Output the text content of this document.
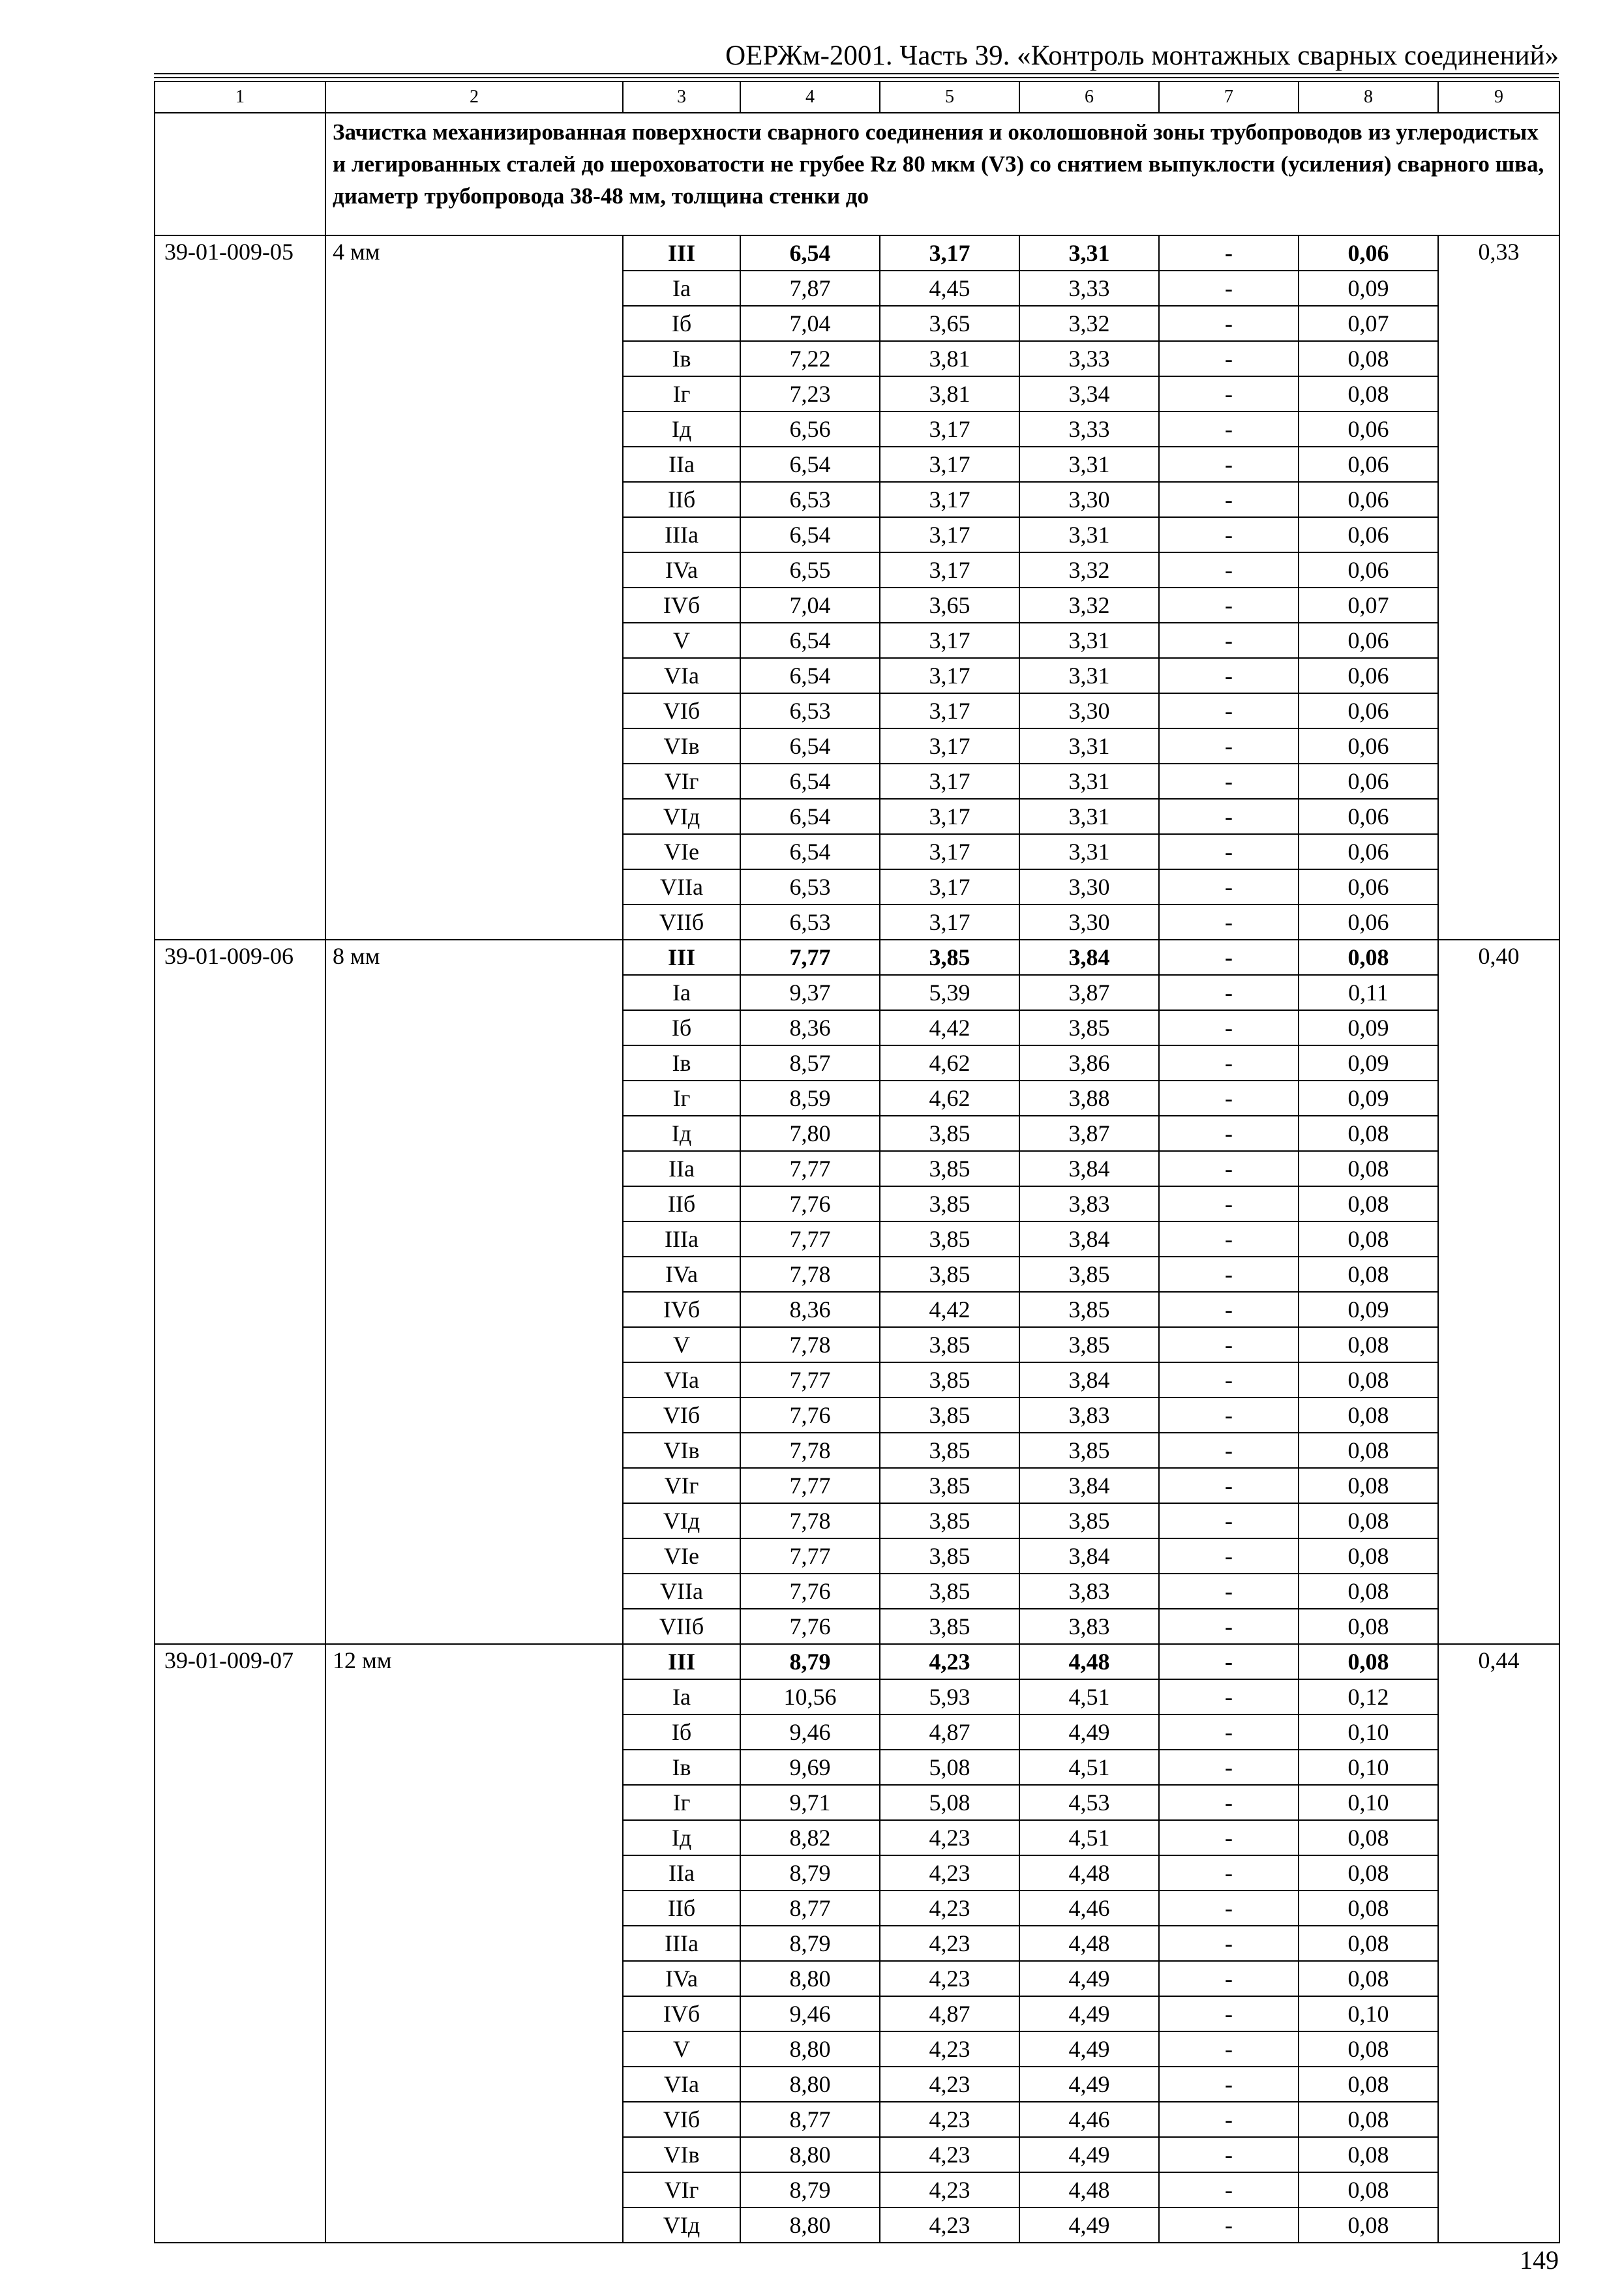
ОЕРЖм-2001. Часть 39. «Контроль монтажных сварных соединений»
1	2	3	4	5	6	7	8	9
	Зачистка механизированная поверхности сварного соединения и околошовной зоны трубопроводов из углеродистых и легированных сталей до шероховатости не грубее Rz 80 мкм (V3) со снятием выпуклости (усиления) сварного шва, диаметр трубопровода 38-48 мм, толщина стенки до							
39-01-009-05	4 мм	III	6,54	3,17	3,31	-	0,06	0,33
		Ia	7,87	4,45	3,33	-	0,09	
		Iб	7,04	3,65	3,32	-	0,07	
		Iв	7,22	3,81	3,33	-	0,08	
		Iг	7,23	3,81	3,34	-	0,08	
		Iд	6,56	3,17	3,33	-	0,06	
		IIa	6,54	3,17	3,31	-	0,06	
		IIб	6,53	3,17	3,30	-	0,06	
		IIIa	6,54	3,17	3,31	-	0,06	
		IVa	6,55	3,17	3,32	-	0,06	
		IVб	7,04	3,65	3,32	-	0,07	
		V	6,54	3,17	3,31	-	0,06	
		VIa	6,54	3,17	3,31	-	0,06	
		VIб	6,53	3,17	3,30	-	0,06	
		VIв	6,54	3,17	3,31	-	0,06	
		VIг	6,54	3,17	3,31	-	0,06	
		VIд	6,54	3,17	3,31	-	0,06	
		VIe	6,54	3,17	3,31	-	0,06	
		VIIa	6,53	3,17	3,30	-	0,06	
		VIIб	6,53	3,17	3,30	-	0,06	
39-01-009-06	8 мм	III	7,77	3,85	3,84	-	0,08	0,40
		Ia	9,37	5,39	3,87	-	0,11	
		Iб	8,36	4,42	3,85	-	0,09	
		Iв	8,57	4,62	3,86	-	0,09	
		Iг	8,59	4,62	3,88	-	0,09	
		Iд	7,80	3,85	3,87	-	0,08	
		IIa	7,77	3,85	3,84	-	0,08	
		IIб	7,76	3,85	3,83	-	0,08	
		IIIa	7,77	3,85	3,84	-	0,08	
		IVa	7,78	3,85	3,85	-	0,08	
		IVб	8,36	4,42	3,85	-	0,09	
		V	7,78	3,85	3,85	-	0,08	
		VIa	7,77	3,85	3,84	-	0,08	
		VIб	7,76	3,85	3,83	-	0,08	
		VIв	7,78	3,85	3,85	-	0,08	
		VIг	7,77	3,85	3,84	-	0,08	
		VIд	7,78	3,85	3,85	-	0,08	
		VIe	7,77	3,85	3,84	-	0,08	
		VIIa	7,76	3,85	3,83	-	0,08	
		VIIб	7,76	3,85	3,83	-	0,08	
39-01-009-07	12 мм	III	8,79	4,23	4,48	-	0,08	0,44
		Ia	10,56	5,93	4,51	-	0,12	
		Iб	9,46	4,87	4,49	-	0,10	
		Iв	9,69	5,08	4,51	-	0,10	
		Iг	9,71	5,08	4,53	-	0,10	
		Iд	8,82	4,23	4,51	-	0,08	
		IIa	8,79	4,23	4,48	-	0,08	
		IIб	8,77	4,23	4,46	-	0,08	
		IIIa	8,79	4,23	4,48	-	0,08	
		IVa	8,80	4,23	4,49	-	0,08	
		IVб	9,46	4,87	4,49	-	0,10	
		V	8,80	4,23	4,49	-	0,08	
		VIa	8,80	4,23	4,49	-	0,08	
		VIб	8,77	4,23	4,46	-	0,08	
		VIв	8,80	4,23	4,49	-	0,08	
		VIг	8,79	4,23	4,48	-	0,08	
		VIд	8,80	4,23	4,49	-	0,08	
149
